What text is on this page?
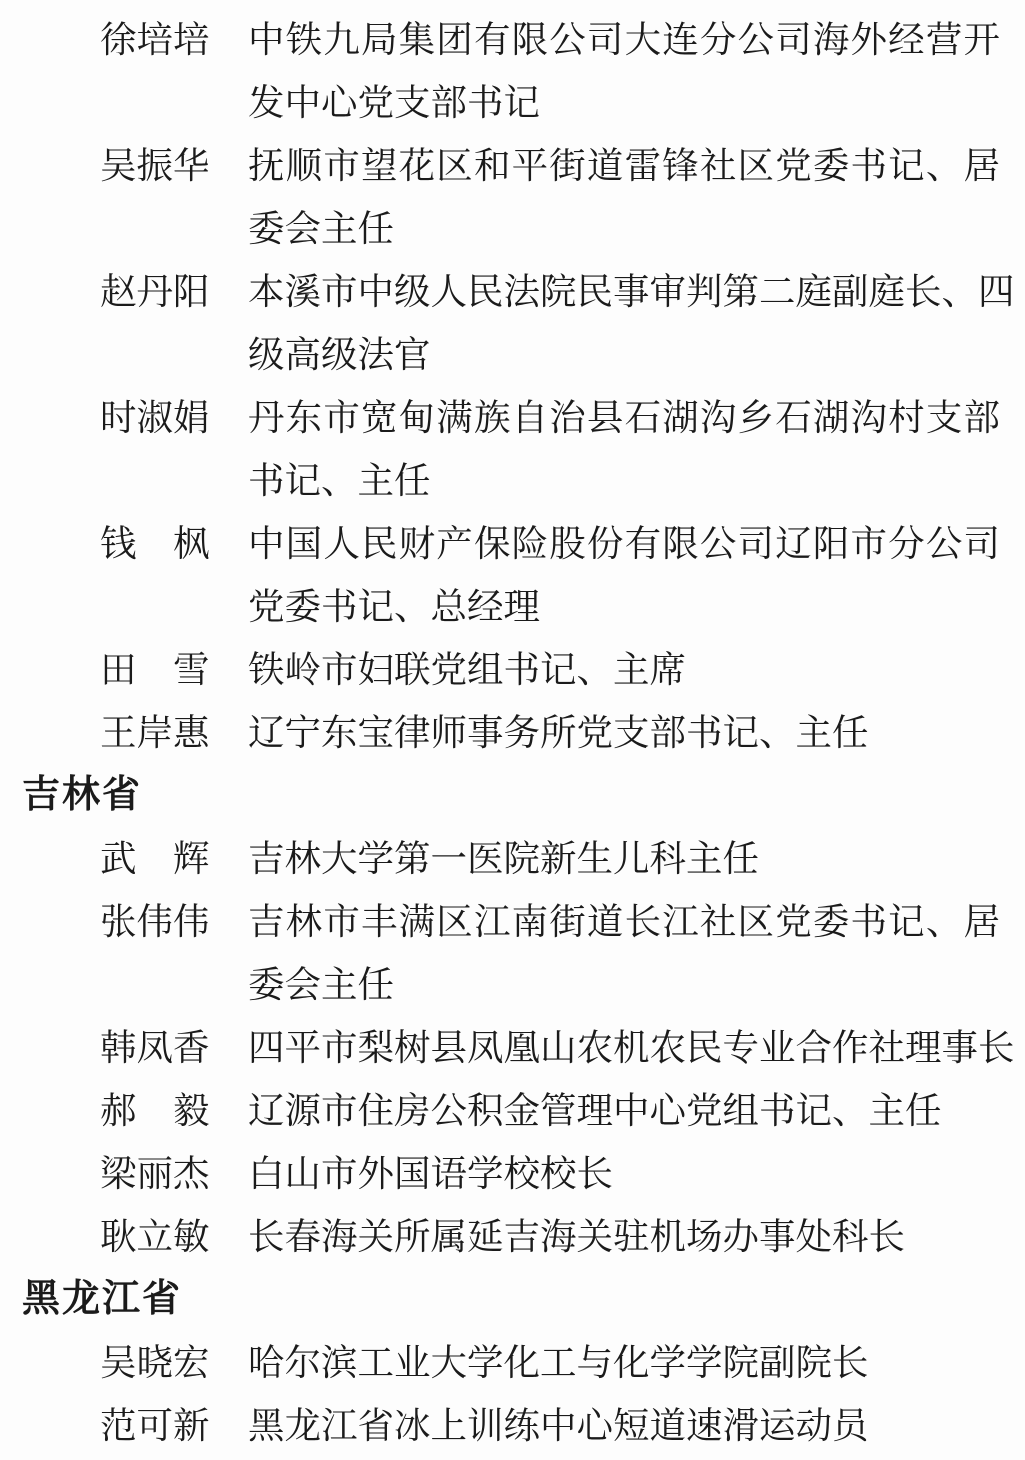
徐培培	中铁九局集团有限公司大连分公司海外经营开
发中心党支部书记
吴振华	抚顺市望花区和平街道雷锋社区党委书记、居
委会主任
赵丹阳	本溪市中级人民法院民事审判第二庭副庭长、四
级高级法官
时淑娟	丹东市宽甸满族自治县石湖沟乡石湖沟村支部
书记、主任
钱　枫	中国人民财产保险股份有限公司辽阳市分公司
党委书记、总经理
田　雪	铁岭市妇联党组书记、主席
王岸惠	辽宁东宝律师事务所党支部书记、主任
吉林省
武　辉	吉林大学第一医院新生儿科主任
张伟伟	吉林市丰满区江南街道长江社区党委书记、居
委会主任
韩凤香	四平市梨树县凤凰山农机农民专业合作社理事长
郝　毅	辽源市住房公积金管理中心党组书记、主任
梁丽杰	白山市外国语学校校长
耿立敏	长春海关所属延吉海关驻机场办事处科长
黑龙江省
吴晓宏	哈尔滨工业大学化工与化学学院副院长
范可新	黑龙江省冰上训练中心短道速滑运动员
